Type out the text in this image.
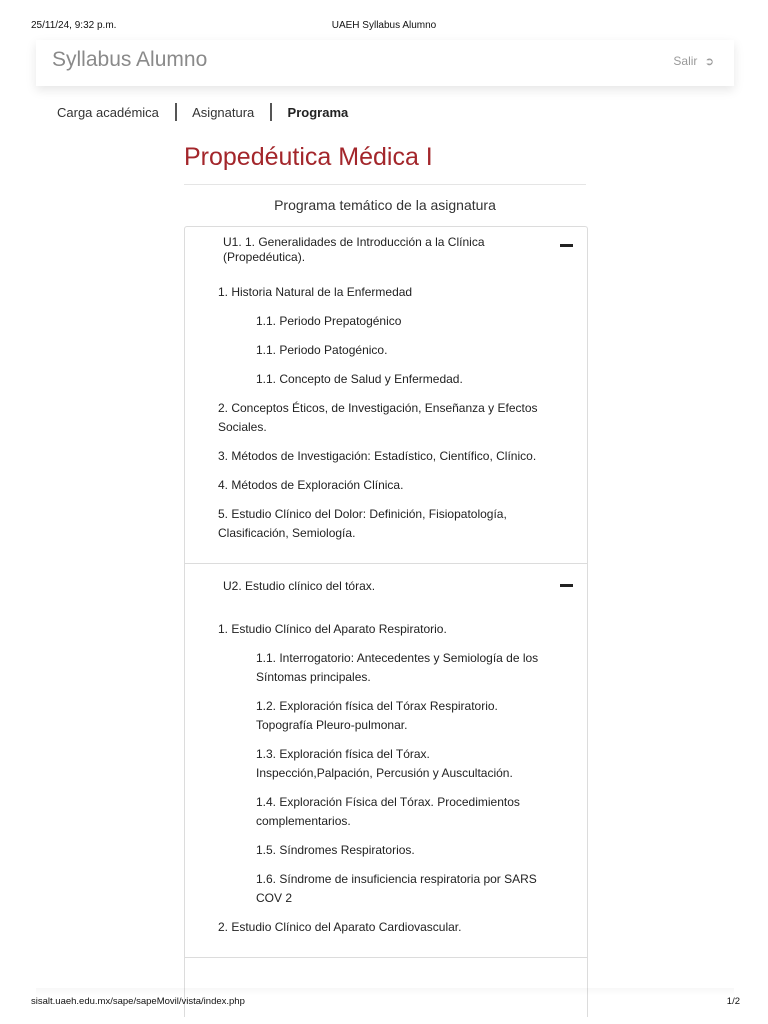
25/11/24, 9:32 p.m.	UAEH Syllabus Alumno
Syllabus Alumno	Salir ➲
Carga académica	Asignatura	Programa
Propedéutica Médica I
Programa temático de la asignatura
U1. 1. Generalidades de Introducción a la Clínica (Propedéutica).
1. Historia Natural de la Enfermedad
1.1. Periodo Prepatogénico
1.1. Periodo Patogénico.
1.1. Concepto de Salud y Enfermedad.
2. Conceptos Éticos, de Investigación, Enseñanza y Efectos Sociales.
3. Métodos de Investigación: Estadístico, Científico, Clínico.
4. Métodos de Exploración Clínica.
5. Estudio Clínico del Dolor: Definición, Fisiopatología, Clasificación, Semiología.
U2. Estudio clínico del tórax.
1. Estudio Clínico del Aparato Respiratorio.
1.1. Interrogatorio: Antecedentes y Semiología de los Síntomas principales.
1.2. Exploración física del Tórax Respiratorio. Topografía Pleuro-pulmonar.
1.3. Exploración física del Tórax. Inspección,Palpación, Percusión y Auscultación.
1.4. Exploración Física del Tórax. Procedimientos complementarios.
1.5. Síndromes Respiratorios.
1.6. Síndrome de insuficiencia respiratoria por SARS COV 2
2. Estudio Clínico del Aparato Cardiovascular.
sisalt.uaeh.edu.mx/sape/sapeMovil/vista/index.php	1/2
